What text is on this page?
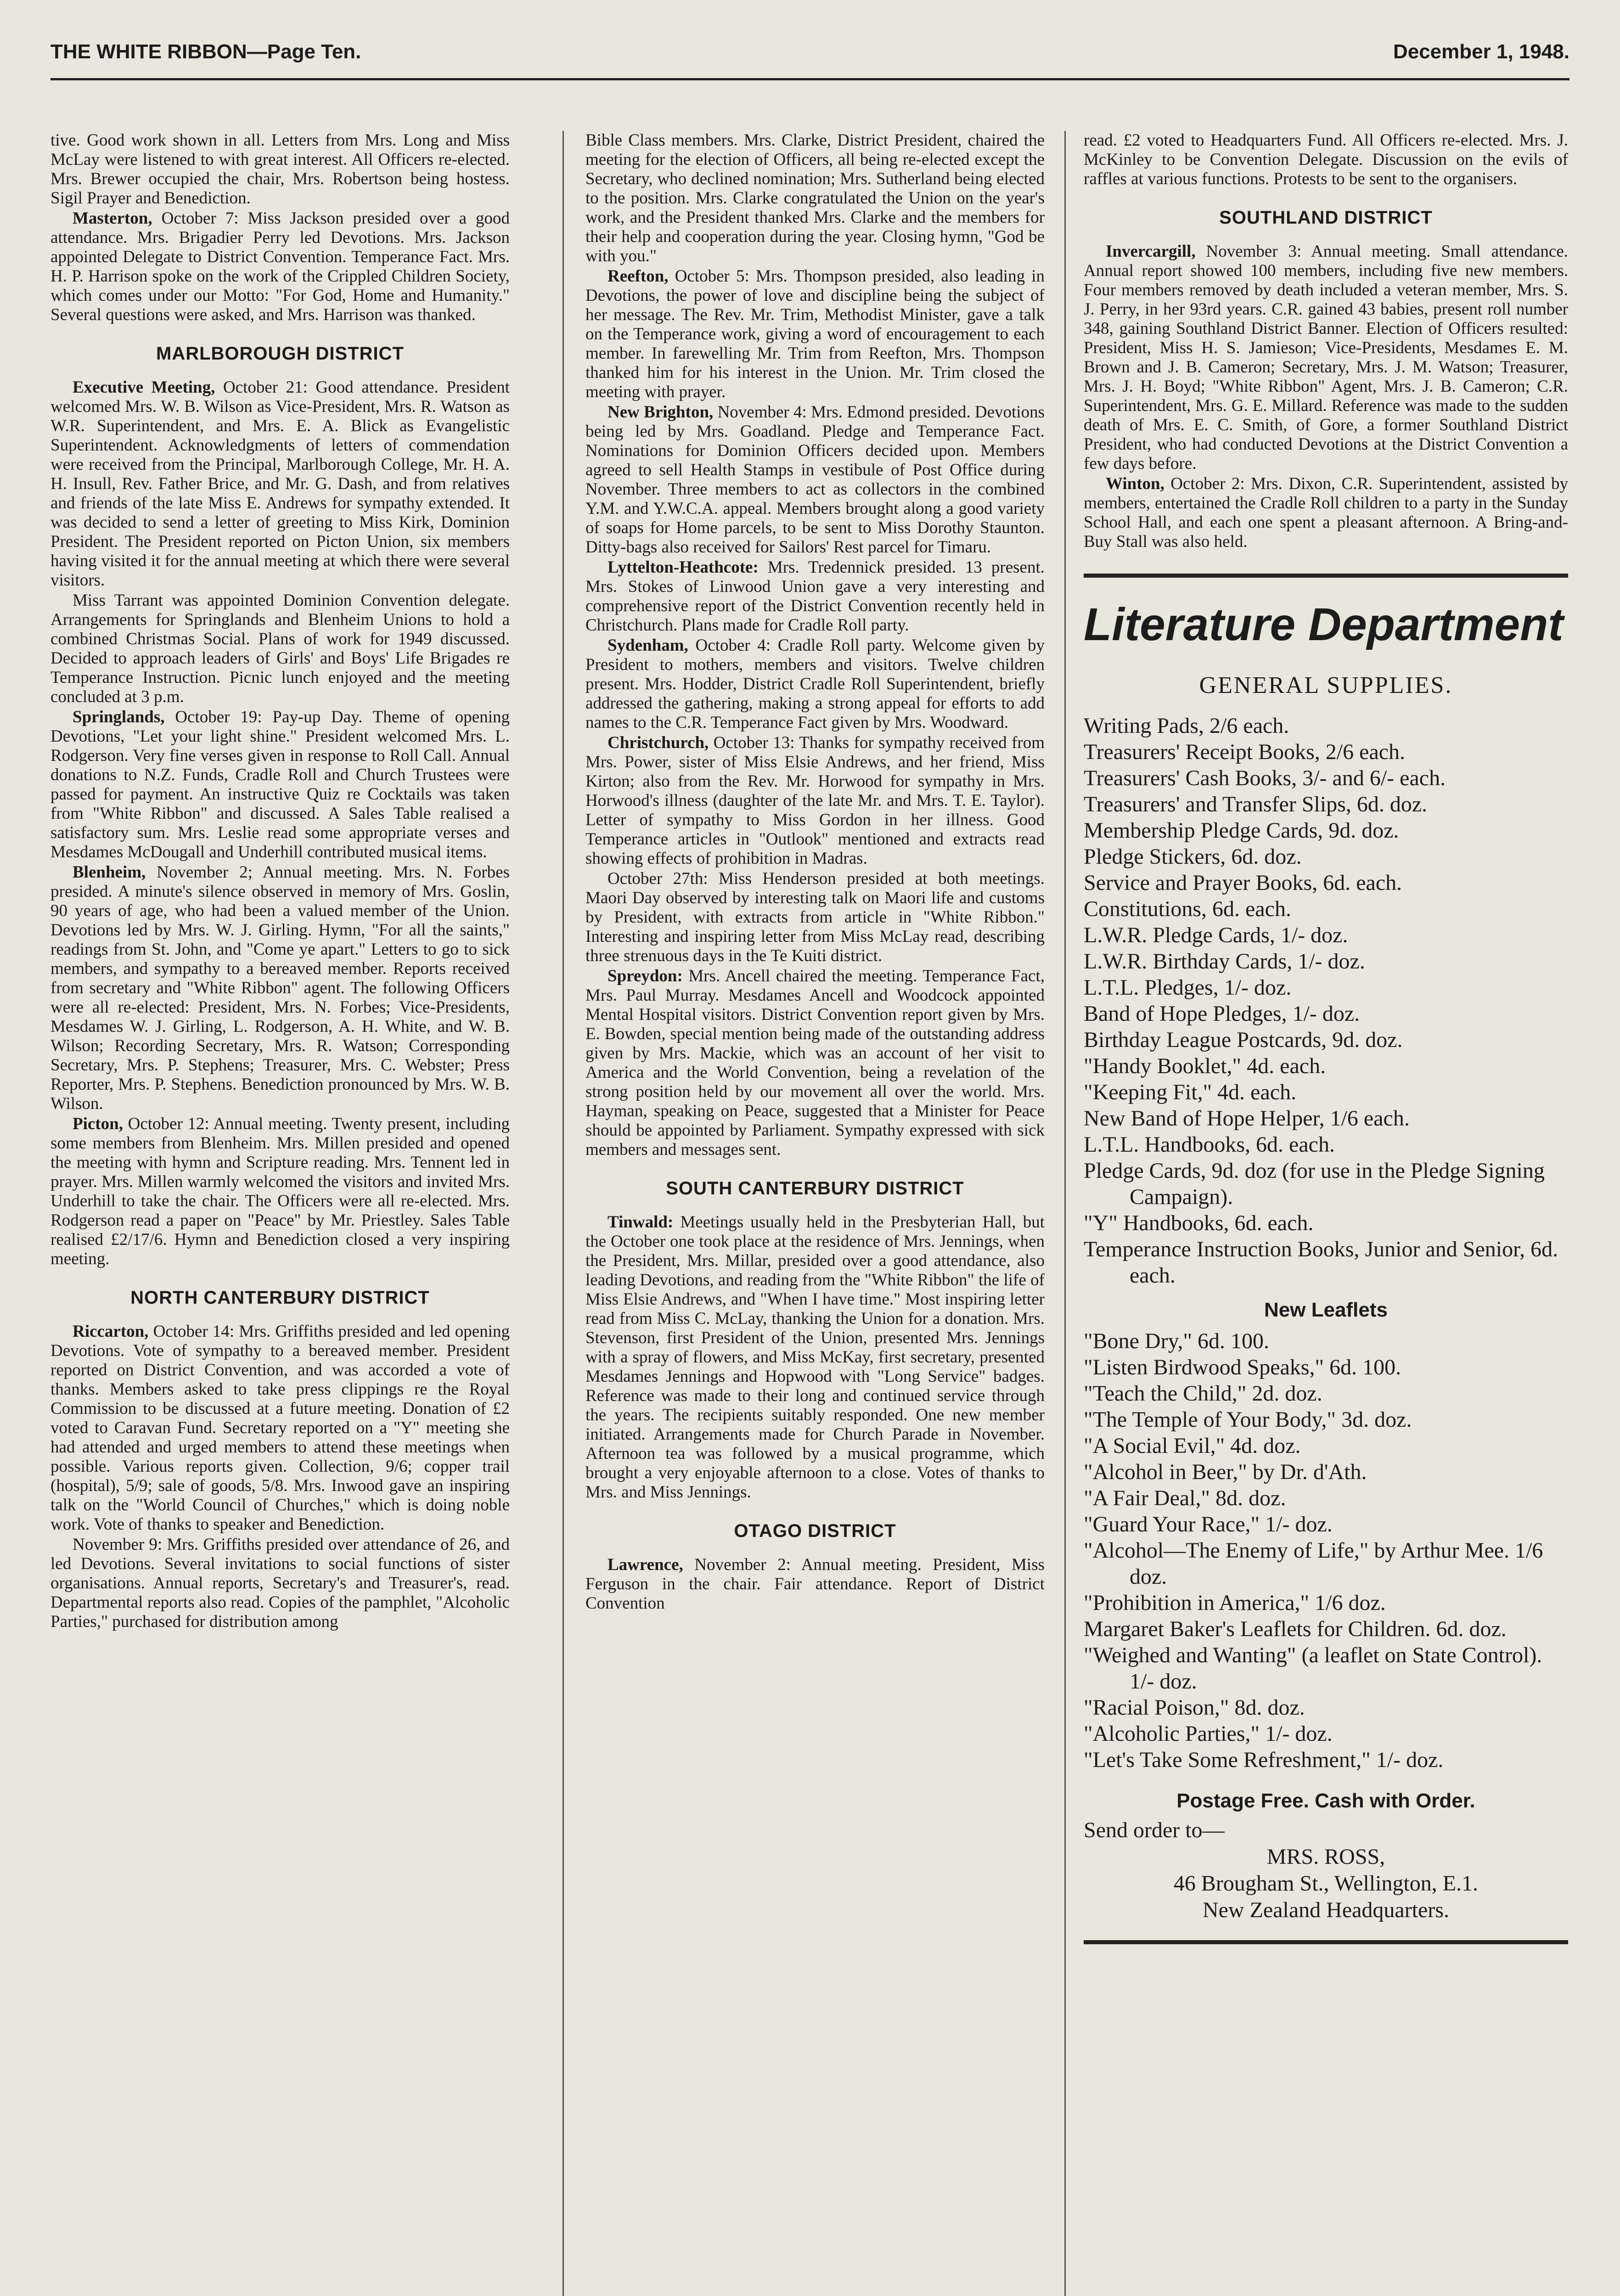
THE WHITE RIBBON—Page Ten.	December 1, 1948.

tive. Good work shown in all. Letters from Mrs. Long and Miss McLay were listened to with great interest. All Officers re-elected. Mrs. Brewer occupied the chair, Mrs. Robertson being hostess. Sigil Prayer and Benediction.

Masterton, October 7: Miss Jackson presided over a good attendance. Mrs. Brigadier Perry led Devotions. Mrs. Jackson appointed Delegate to District Convention. Temperance Fact. Mrs. H. P. Harrison spoke on the work of the Crippled Children Society, which comes under our Motto: "For God, Home and Humanity." Several questions were asked, and Mrs. Harrison was thanked.

MARLBOROUGH DISTRICT

Executive Meeting, October 21: Good attendance. President welcomed Mrs. W. B. Wilson as Vice-President, Mrs. R. Watson as W.R. Superintendent, and Mrs. E. A. Blick as Evangelistic Superintendent. Acknowledgments of letters of commendation were received from the Principal, Marlborough College, Mr. H. A. H. Insull, Rev. Father Brice, and Mr. G. Dash, and from relatives and friends of the late Miss E. Andrews for sympathy extended. It was decided to send a letter of greeting to Miss Kirk, Dominion President. The President reported on Picton Union, six members having visited it for the annual meeting at which there were several visitors.

Miss Tarrant was appointed Dominion Convention delegate. Arrangements for Springlands and Blenheim Unions to hold a combined Christmas Social. Plans of work for 1949 discussed. Decided to approach leaders of Girls' and Boys' Life Brigades re Temperance Instruction. Picnic lunch enjoyed and the meeting concluded at 3 p.m.

Springlands, October 19: Pay-up Day. Theme of opening Devotions, "Let your light shine." President welcomed Mrs. L. Rodgerson. Very fine verses given in response to Roll Call. Annual donations to N.Z. Funds, Cradle Roll and Church Trustees were passed for payment. An instructive Quiz re Cocktails was taken from "White Ribbon" and discussed. A Sales Table realised a satisfactory sum. Mrs. Leslie read some appropriate verses and Mesdames McDougall and Underhill contributed musical items.

Blenheim, November 2; Annual meeting. Mrs. N. Forbes presided. A minute's silence observed in memory of Mrs. Goslin, 90 years of age, who had been a valued member of the Union. Devotions led by Mrs. W. J. Girling. Hymn, "For all the saints," readings from St. John, and "Come ye apart." Letters to go to sick members, and sympathy to a bereaved member. Reports received from secretary and "White Ribbon" agent. The following Officers were all re-elected: President, Mrs. N. Forbes; Vice-Presidents, Mesdames W. J. Girling, L. Rodgerson, A. H. White, and W. B. Wilson; Recording Secretary, Mrs. R. Watson; Corresponding Secretary, Mrs. P. Stephens; Treasurer, Mrs. C. Webster; Press Reporter, Mrs. P. Stephens. Benediction pronounced by Mrs. W. B. Wilson.

Picton, October 12: Annual meeting. Twenty present, including some members from Blenheim. Mrs. Millen presided and opened the meeting with hymn and Scripture reading. Mrs. Tennent led in prayer. Mrs. Millen warmly welcomed the visitors and invited Mrs. Underhill to take the chair. The Officers were all re-elected. Mrs. Rodgerson read a paper on "Peace" by Mr. Priestley. Sales Table realised £2/17/6. Hymn and Benediction closed a very inspiring meeting.

NORTH CANTERBURY DISTRICT

Riccarton, October 14: Mrs. Griffiths presided and led opening Devotions. Vote of sympathy to a bereaved member. President reported on District Convention, and was accorded a vote of thanks. Members asked to take press clippings re the Royal Commission to be discussed at a future meeting. Donation of £2 voted to Caravan Fund. Secretary reported on a "Y" meeting she had attended and urged members to attend these meetings when possible. Various reports given. Collection, 9/6; copper trail (hospital), 5/9; sale of goods, 5/8. Mrs. Inwood gave an inspiring talk on the "World Council of Churches," which is doing noble work. Vote of thanks to speaker and Benediction.

November 9: Mrs. Griffiths presided over attendance of 26, and led Devotions. Several invitations to social functions of sister organisations. Annual reports, Secretary's and Treasurer's, read. Departmental reports also read. Copies of the pamphlet, "Alcoholic Parties," purchased for distribution among

Bible Class members. Mrs. Clarke, District President, chaired the meeting for the election of Officers, all being re-elected except the Secretary, who declined nomination; Mrs. Sutherland being elected to the position. Mrs. Clarke congratulated the Union on the year's work, and the President thanked Mrs. Clarke and the members for their help and cooperation during the year. Closing hymn, "God be with you."

Reefton, October 5: Mrs. Thompson presided, also leading in Devotions, the power of love and discipline being the subject of her message. The Rev. Mr. Trim, Methodist Minister, gave a talk on the Temperance work, giving a word of encouragement to each member. In farewelling Mr. Trim from Reefton, Mrs. Thompson thanked him for his interest in the Union. Mr. Trim closed the meeting with prayer.

New Brighton, November 4: Mrs. Edmond presided. Devotions being led by Mrs. Goadland. Pledge and Temperance Fact. Nominations for Dominion Officers decided upon. Members agreed to sell Health Stamps in vestibule of Post Office during November. Three members to act as collectors in the combined Y.M. and Y.W.C.A. appeal. Members brought along a good variety of soaps for Home parcels, to be sent to Miss Dorothy Staunton. Ditty-bags also received for Sailors' Rest parcel for Timaru.

Lyttelton-Heathcote: Mrs. Tredennick presided. 13 present. Mrs. Stokes of Linwood Union gave a very interesting and comprehensive report of the District Convention recently held in Christchurch. Plans made for Cradle Roll party.

Sydenham, October 4: Cradle Roll party. Welcome given by President to mothers, members and visitors. Twelve children present. Mrs. Hodder, District Cradle Roll Superintendent, briefly addressed the gathering, making a strong appeal for efforts to add names to the C.R. Temperance Fact given by Mrs. Woodward.

Christchurch, October 13: Thanks for sympathy received from Mrs. Power, sister of Miss Elsie Andrews, and her friend, Miss Kirton; also from the Rev. Mr. Horwood for sympathy in Mrs. Horwood's illness (daughter of the late Mr. and Mrs. T. E. Taylor). Letter of sympathy to Miss Gordon in her illness. Good Temperance articles in "Outlook" mentioned and extracts read showing effects of prohibition in Madras.

October 27th: Miss Henderson presided at both meetings. Maori Day observed by interesting talk on Maori life and customs by President, with extracts from article in "White Ribbon." Interesting and inspiring letter from Miss McLay read, describing three strenuous days in the Te Kuiti district.

Spreydon: Mrs. Ancell chaired the meeting. Temperance Fact, Mrs. Paul Murray. Mesdames Ancell and Woodcock appointed Mental Hospital visitors. District Convention report given by Mrs. E. Bowden, special mention being made of the outstanding address given by Mrs. Mackie, which was an account of her visit to America and the World Convention, being a revelation of the strong position held by our movement all over the world. Mrs. Hayman, speaking on Peace, suggested that a Minister for Peace should be appointed by Parliament. Sympathy expressed with sick members and messages sent.

SOUTH CANTERBURY DISTRICT

Tinwald: Meetings usually held in the Presbyterian Hall, but the October one took place at the residence of Mrs. Jennings, when the President, Mrs. Millar, presided over a good attendance, also leading Devotions, and reading from the "White Ribbon" the life of Miss Elsie Andrews, and "When I have time." Most inspiring letter read from Miss C. McLay, thanking the Union for a donation. Mrs. Stevenson, first President of the Union, presented Mrs. Jennings with a spray of flowers, and Miss McKay, first secretary, presented Mesdames Jennings and Hopwood with "Long Service" badges. Reference was made to their long and continued service through the years. The recipients suitably responded. One new member initiated. Arrangements made for Church Parade in November. Afternoon tea was followed by a musical programme, which brought a very enjoyable afternoon to a close. Votes of thanks to Mrs. and Miss Jennings.

OTAGO DISTRICT

Lawrence, November 2: Annual meeting. President, Miss Ferguson in the chair. Fair attendance. Report of District Convention

read. £2 voted to Headquarters Fund. All Officers re-elected. Mrs. J. McKinley to be Convention Delegate. Discussion on the evils of raffles at various functions. Protests to be sent to the organisers.

SOUTHLAND DISTRICT

Invercargill, November 3: Annual meeting. Small attendance. Annual report showed 100 members, including five new members. Four members removed by death included a veteran member, Mrs. S. J. Perry, in her 93rd years. C.R. gained 43 babies, present roll number 348, gaining Southland District Banner. Election of Officers resulted: President, Miss H. S. Jamieson; Vice-Presidents, Mesdames E. M. Brown and J. B. Cameron; Secretary, Mrs. J. M. Watson; Treasurer, Mrs. J. H. Boyd; "White Ribbon" Agent, Mrs. J. B. Cameron; C.R. Superintendent, Mrs. G. E. Millard. Reference was made to the sudden death of Mrs. E. C. Smith, of Gore, a former Southland District President, who had conducted Devotions at the District Convention a few days before.

Winton, October 2: Mrs. Dixon, C.R. Superintendent, assisted by members, entertained the Cradle Roll children to a party in the Sunday School Hall, and each one spent a pleasant afternoon. A Bring-and-Buy Stall was also held.

Literature Department
GENERAL SUPPLIES.
Writing Pads, 2/6 each.
Treasurers' Receipt Books, 2/6 each.
Treasurers' Cash Books, 3/- and 6/- each.
Treasurers' and Transfer Slips, 6d. doz.
Membership Pledge Cards, 9d. doz.
Pledge Stickers, 6d. doz.
Service and Prayer Books, 6d. each.
Constitutions, 6d. each.
L.W.R. Pledge Cards, 1/- doz.
L.W.R. Birthday Cards, 1/- doz.
L.T.L. Pledges, 1/- doz.
Band of Hope Pledges, 1/- doz.
Birthday League Postcards, 9d. doz.
"Handy Booklet," 4d. each.
"Keeping Fit," 4d. each.
New Band of Hope Helper, 1/6 each.
L.T.L. Handbooks, 6d. each.
Pledge Cards, 9d. doz (for use in the Pledge Signing Campaign).
"Y" Handbooks, 6d. each.
Temperance Instruction Books, Junior and Senior, 6d. each.
New Leaflets
"Bone Dry," 6d. 100.
"Listen Birdwood Speaks," 6d. 100.
"Teach the Child," 2d. doz.
"The Temple of Your Body," 3d. doz.
"A Social Evil," 4d. doz.
"Alcohol in Beer," by Dr. d'Ath.
"A Fair Deal," 8d. doz.
"Guard Your Race," 1/- doz.
"Alcohol—The Enemy of Life," by Arthur Mee. 1/6 doz.
"Prohibition in America," 1/6 doz.
Margaret Baker's Leaflets for Children. 6d. doz.
"Weighed and Wanting" (a leaflet on State Control). 1/- doz.
"Racial Poison," 8d. doz.
"Alcoholic Parties," 1/- doz.
"Let's Take Some Refreshment," 1/- doz.
Postage Free. Cash with Order.
Send order to—
MRS. ROSS,
46 Brougham St., Wellington, E.1.
New Zealand Headquarters.
